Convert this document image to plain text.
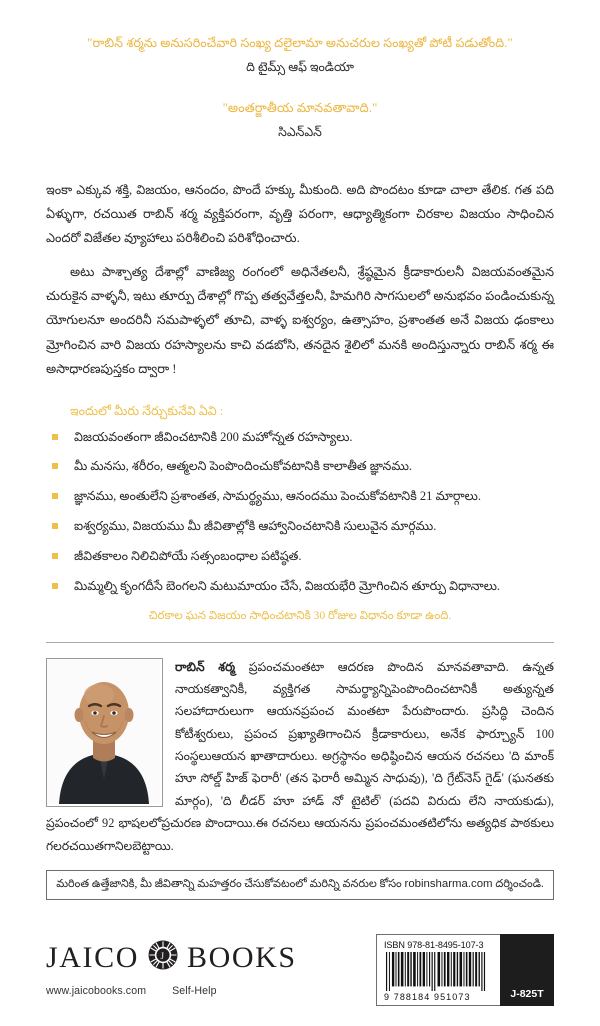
"రాబిన్ శర్మను అనుసరించేవారి సంఖ్య దలైలామా అనుచరుల సంఖ్యతో పోటీ పడుతోంది."
ది టైమ్స్ ఆఫ్ ఇండియా
"అంతర్జాతీయ మానవతావాది."
సిఎన్ఎన్

ఇంకా ఎక్కువ శక్తి, విజయం, ఆనందం, పొందే హక్కు మీకుంది. అది పొందటం కూడా చాలా తేలిక. గత పది ఏళ్ళుగా, రచయిత రాబిన్ శర్మ వ్యక్తిపరంగా, వృత్తి పరంగా, ఆధ్యాత్మికంగా చిరకాల విజయం సాధించిన ఎందరో విజేతల వ్యూహాలు పరిశీలించి పరిశోధించారు.

అటు పాశ్చాత్య దేశాల్లో వాణిజ్య రంగంలో అధినేతలనీ, శ్రేష్ఠమైన క్రీడాకారులనీ విజయవంతమైన చురుకైన వాళ్ళనీ, ఇటు తూర్పు దేశాల్లో గొప్ప తత్వవేత్తలనీ, హిమగిరి సాగసులలో అనుభవం పండించుకున్న యోగులనూ అందరినీ సమపాళ్ళలో తూచి, వాళ్ళ ఐశ్వర్యం, ఉత్సాహం, ప్రశాంతత అనే విజయ ఢంకాలు మ్రోగించిన వారి విజయ రహస్యాలను కాచి వడబోసి, తనదైన శైలిలో మనకి అందిస్తున్నారు రాబిన్ శర్మ ఈ అసాధారణపుస్తకం ద్వారా !

ఇందులో మీరు నేర్చుకునేవి ఏవి :
విజయవంతంగా జీవించటానికి 200 మహోన్నత రహస్యాలు.
మీ మనసు, శరీరం, ఆత్మలని పెంపొందించుకోవటానికి కాలాతీత జ్ఞానము.
జ్ఞానము, అంతులేని ప్రశాంతత, సామర్థ్యము, ఆనందము పెంచుకోవటానికి 21 మార్గాలు.
ఐశ్వర్యము, విజయము మీ జీవితాల్లోకి ఆహ్వానించటానికి సులువైన మార్గము.
జీవితకాలం నిలిచిపోయే సత్సంబంధాల పటిష్ఠత.
మిమ్మల్ని కృంగదీసే బెంగలని మటుమాయం చేసే, విజయభేరి మ్రోగించిన తూర్పు విధానాలు.
చిరకాల ఘన విజయం సాధించటానికి 30 రోజుల విధానం కూడా ఉంది.

రాబిన్ శర్మ ప్రపంచమంతటా ఆదరణ పొందిన మానవతావాది. ఉన్నత నాయకత్వానికీ, వ్యక్తిగత సామర్థ్యాన్నిపెంపొందించటానికీ అత్యున్నత సలహాదారులుగా ఆయనప్రపంచ మంతటా పేరుపొందారు. ప్రసిద్ధి చెందిన కోటీశ్వరులు, ప్రపంచ ప్రఖ్యాతిగాంచిన క్రీడాకారులు, అనేక ఫార్చ్యూన్ 100 సంస్థలుఆయన ఖాతాదారులు. అగ్రస్థానం అధిష్ఠించిన ఆయన రచనలు 'ది మాంక్ హూ సోల్డ్ హిజ్ ఫెరారీ' (తన ఫెరారీ అమ్మిన సాధువు), 'ది గ్రేట్‌నెస్ గైడ్' (ఘనతకు మార్గం), 'ది లీడర్ హూ హాడ్ నో టైటిల్' (పదవి విరుదు లేని నాయకుడు), ప్రపంచంలో 92 భాషలలోప్రచురణ పొందాయి.ఈ రచనలు ఆయనను ప్రపంచమంతటిలోను అత్యధిక పాఠకులు గలరచయితగానిలబెట్టాయి.

మరింత ఉత్తేజానికి, మీ జీవితాన్ని మహత్తరం చేసుకోవటంలో మరిన్ని వనరుల కోసం robinsharma.com దర్శించండి.
JAICO J BOOKS
www.jaicobooks.com Self-Help
ISBN 978-81-8495-107-3
9 788184 951073	J-825T
